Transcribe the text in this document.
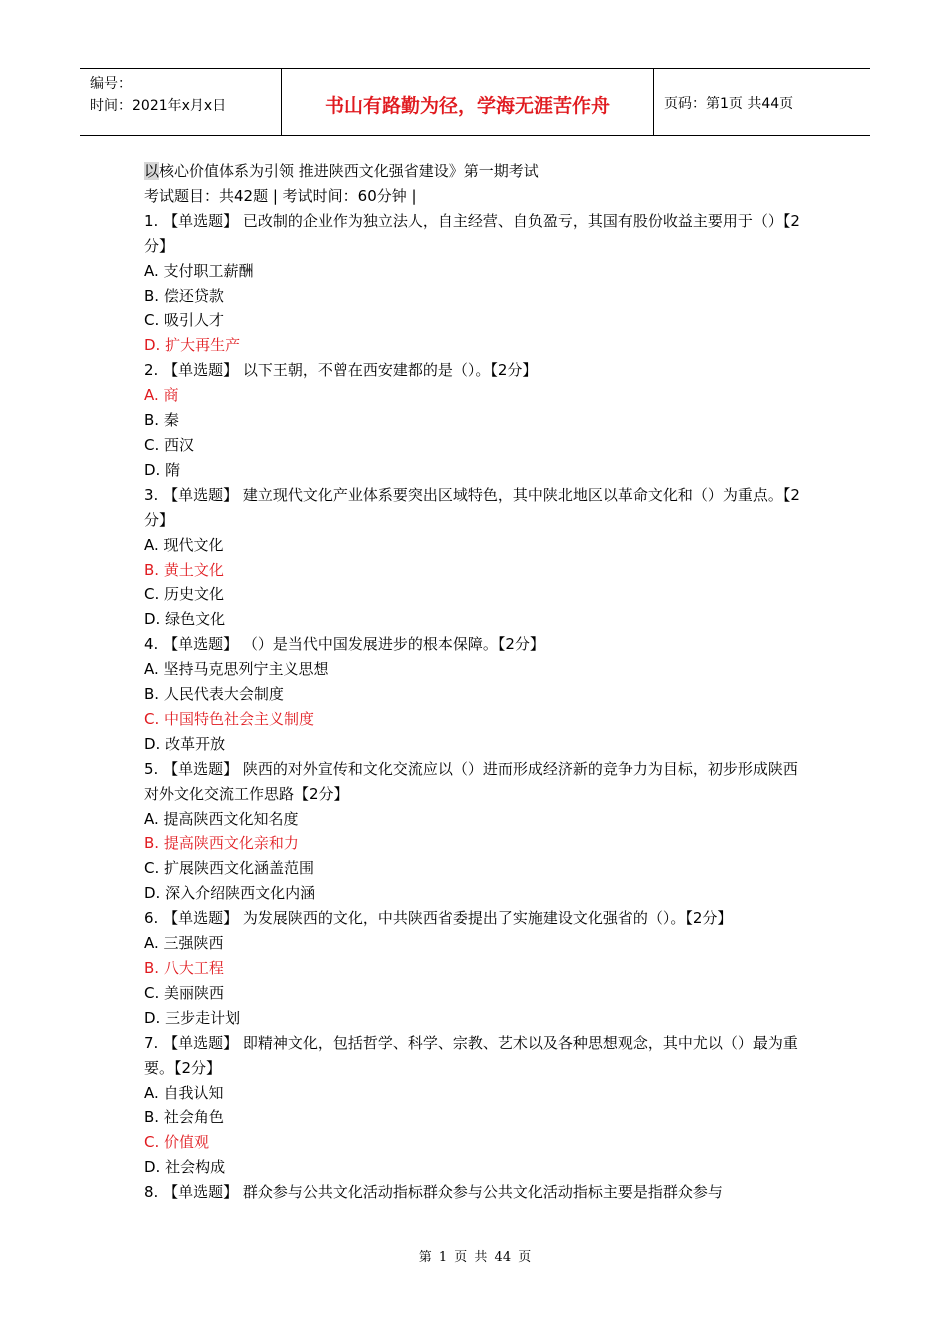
编号：
时间：2021年x月x日	书山有路勤为径，学海无涯苦作舟	页码：第1页 共44页
以核心价值体系为引领 推进陕西文化强省建设》第一期考试
考试题目：共42题 | 考试时间：60分钟 |
1. 【单选题】 已改制的企业作为独立法人，自主经营、自负盈亏，其国有股份收益主要用于（）【2分】
A. 支付职工薪酬
B. 偿还贷款
C. 吸引人才
D. 扩大再生产
2. 【单选题】 以下王朝，不曾在西安建都的是（）。【2分】
A. 商
B. 秦
C. 西汉
D. 隋
3. 【单选题】 建立现代文化产业体系要突出区域特色，其中陕北地区以革命文化和（）为重点。【2分】
A. 现代文化
B. 黄土文化
C. 历史文化
D. 绿色文化
4. 【单选题】 （）是当代中国发展进步的根本保障。【2分】
A. 坚持马克思列宁主义思想
B. 人民代表大会制度
C. 中国特色社会主义制度
D. 改革开放
5. 【单选题】 陕西的对外宣传和文化交流应以（）进而形成经济新的竞争力为目标，初步形成陕西对外文化交流工作思路【2分】
A. 提高陕西文化知名度
B. 提高陕西文化亲和力
C. 扩展陕西文化涵盖范围
D. 深入介绍陕西文化内涵
6. 【单选题】 为发展陕西的文化，中共陕西省委提出了实施建设文化强省的（）。【2分】
A. 三强陕西
B. 八大工程
C. 美丽陕西
D. 三步走计划
7. 【单选题】 即精神文化，包括哲学、科学、宗教、艺术以及各种思想观念，其中尤以（）最为重要。【2分】
A. 自我认知
B. 社会角色
C. 价值观
D. 社会构成
8. 【单选题】 群众参与公共文化活动指标群众参与公共文化活动指标主要是指群众参与
第 1 页 共 44 页
